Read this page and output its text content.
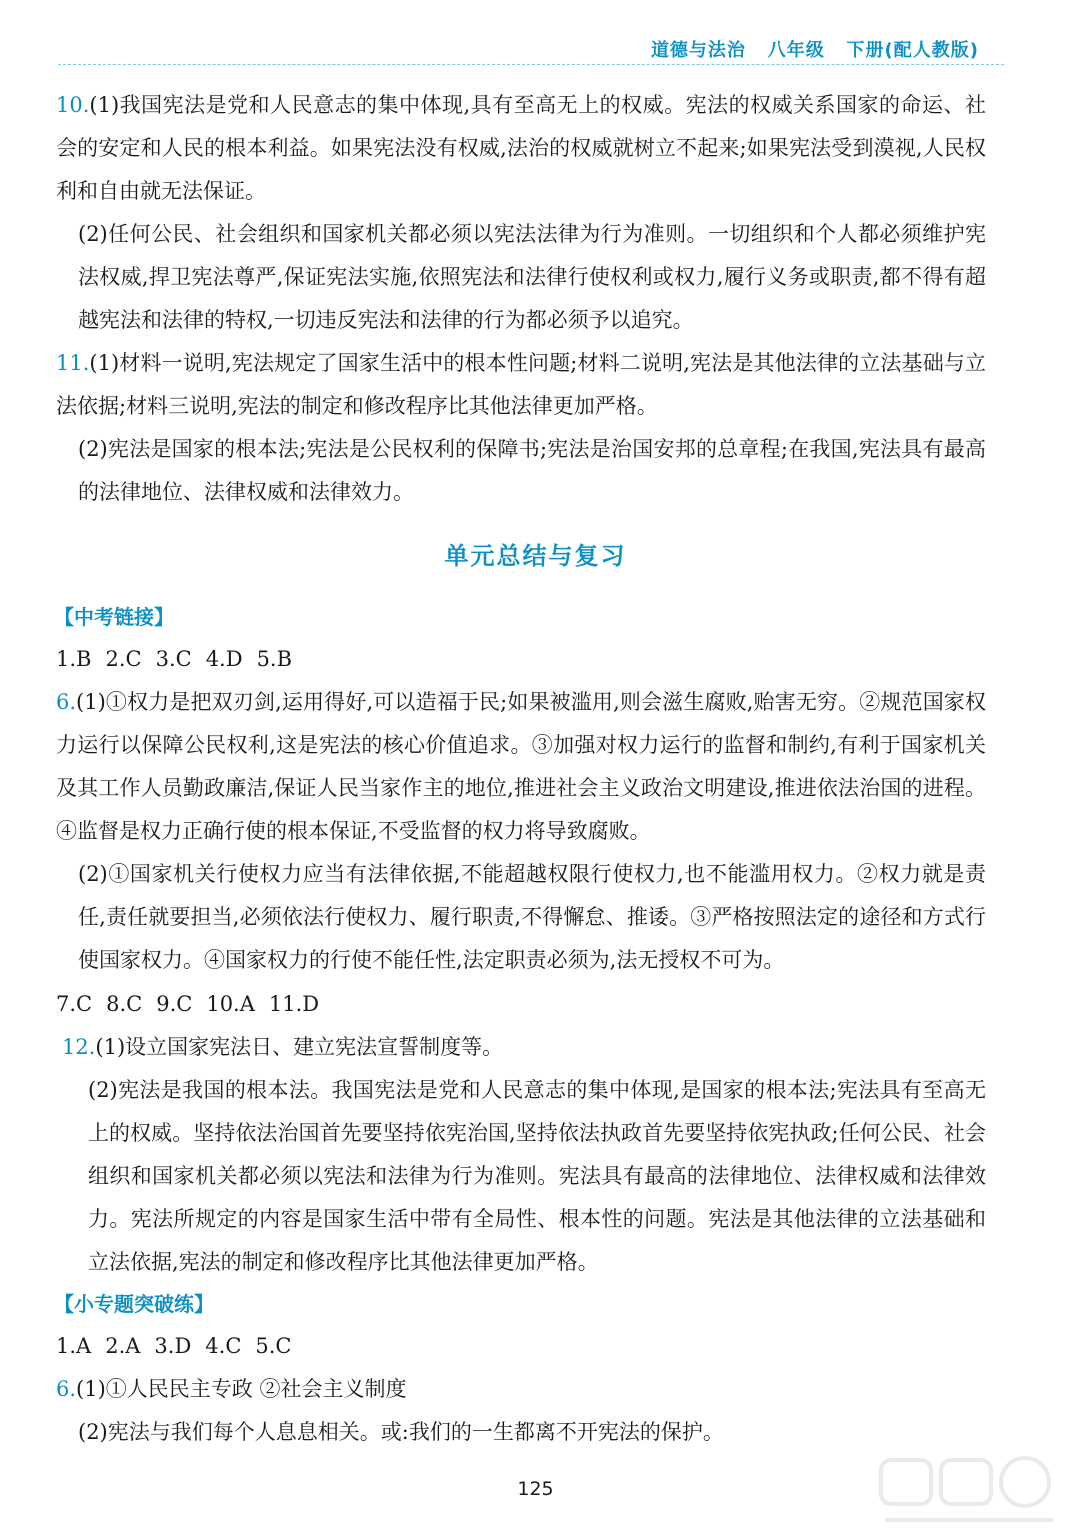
道德与法治   八年级   下册(配人教版)
10.(1)我国宪法是党和人民意志的集中体现,具有至高无上的权威。宪法的权威关系国家的命运、社会的安定和人民的根本利益。如果宪法没有权威,法治的权威就树立不起来;如果宪法受到漠视,人民权利和自由就无法保证。
(2)任何公民、社会组织和国家机关都必须以宪法法律为行为准则。一切组织和个人都必须维护宪法权威,捍卫宪法尊严,保证宪法实施,依照宪法和法律行使权利或权力,履行义务或职责,都不得有超越宪法和法律的特权,一切违反宪法和法律的行为都必须予以追究。
11.(1)材料一说明,宪法规定了国家生活中的根本性问题;材料二说明,宪法是其他法律的立法基础与立法依据;材料三说明,宪法的制定和修改程序比其他法律更加严格。
(2)宪法是国家的根本法;宪法是公民权利的保障书;宪法是治国安邦的总章程;在我国,宪法具有最高的法律地位、法律权威和法律效力。
单元总结与复习
【中考链接】
1.B 2.C 3.C 4.D 5.B
6.(1)①权力是把双刃剑,运用得好,可以造福于民;如果被滥用,则会滋生腐败,贻害无穷。②规范国家权力运行以保障公民权利,这是宪法的核心价值追求。③加强对权力运行的监督和制约,有利于国家机关及其工作人员勤政廉洁,保证人民当家作主的地位,推进社会主义政治文明建设,推进依法治国的进程。④监督是权力正确行使的根本保证,不受监督的权力将导致腐败。
(2)①国家机关行使权力应当有法律依据,不能超越权限行使权力,也不能滥用权力。②权力就是责任,责任就要担当,必须依法行使权力、履行职责,不得懈怠、推诿。③严格按照法定的途径和方式行使国家权力。④国家权力的行使不能任性,法定职责必须为,法无授权不可为。
7.C 8.C 9.C 10.A 11.D
12.(1)设立国家宪法日、建立宪法宣誓制度等。
(2)宪法是我国的根本法。我国宪法是党和人民意志的集中体现,是国家的根本法;宪法具有至高无上的权威。坚持依法治国首先要坚持依宪治国,坚持依法执政首先要坚持依宪执政;任何公民、社会组织和国家机关都必须以宪法和法律为行为准则。宪法具有最高的法律地位、法律权威和法律效力。宪法所规定的内容是国家生活中带有全局性、根本性的问题。宪法是其他法律的立法基础和立法依据,宪法的制定和修改程序比其他法律更加严格。
【小专题突破练】
1.A 2.A 3.D 4.C 5.C
6.(1)①人民民主专政 ②社会主义制度
(2)宪法与我们每个人息息相关。或:我们的一生都离不开宪法的保护。
125
